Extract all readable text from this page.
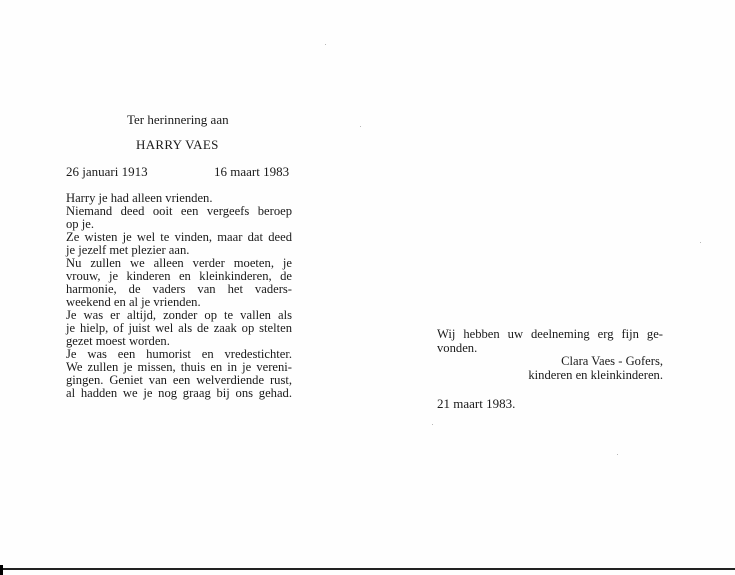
Ter herinnering aan
HARRY VAES
26 januari 1913	16 maart 1983
Harry je had alleen vrienden.
Niemand deed ooit een vergeefs beroep
op je.
Ze wisten je wel te vinden, maar dat deed
je jezelf met plezier aan.
Nu zullen we alleen verder moeten, je
vrouw, je kinderen en kleinkinderen, de
harmonie, de vaders van het vaders-
weekend en al je vrienden.
Je was er altijd, zonder op te vallen als
je hielp, of juist wel als de zaak op stelten
gezet moest worden.
Je was een humorist en vredestichter.
We zullen je missen, thuis en in je vereni-
gingen. Geniet van een welverdiende rust,
al hadden we je nog graag bij ons gehad.
Wij hebben uw deelneming erg fijn ge-
vonden.
Clara Vaes - Gofers,
kinderen en kleinkinderen.
21 maart 1983.
